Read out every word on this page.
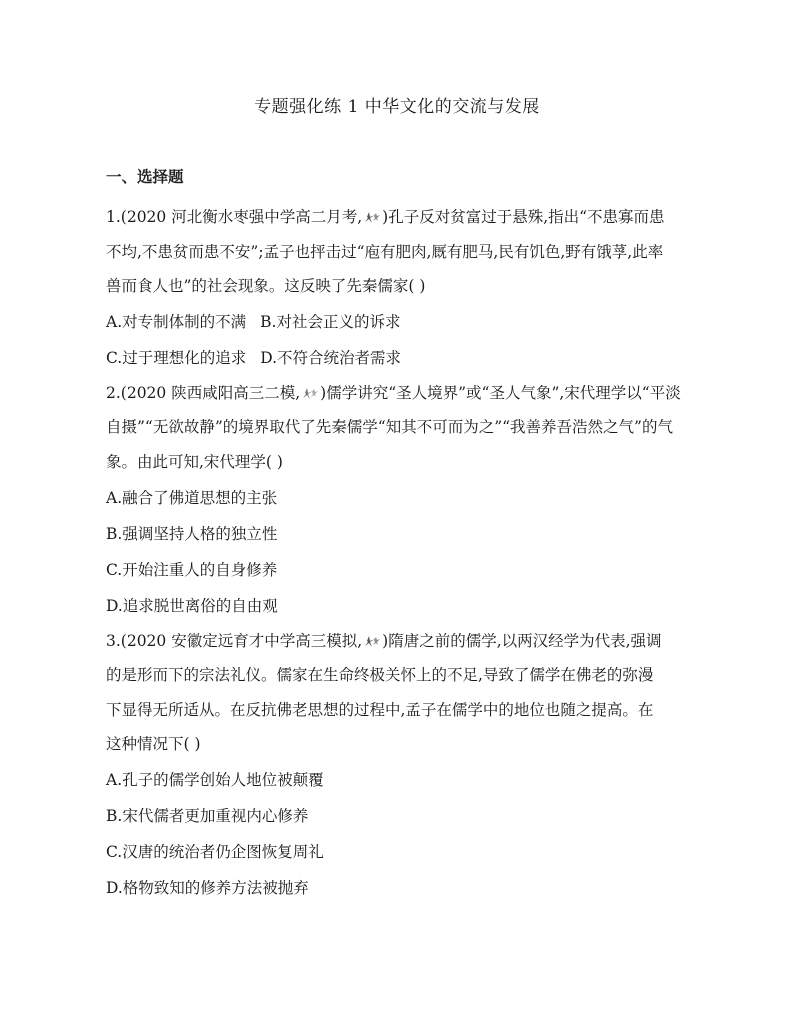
专题强化练 1 中华文化的交流与发展
一、选择题
1.(2020 河北衡水枣强中学高二月考, )孔子反对贫富过于悬殊,指出“不患寡而患
不均,不患贫而患不安”;孟子也抨击过“庖有肥肉,厩有肥马,民有饥色,野有饿莩,此率
兽而食人也”的社会现象。这反映了先秦儒家( )
A.对专制体制的不满 B.对社会正义的诉求
C.过于理想化的追求 D.不符合统治者需求
2.(2020 陕西咸阳高三二模, )儒学讲究“圣人境界”或“圣人气象”,宋代理学以“平淡
自摄”“无欲故静”的境界取代了先秦儒学“知其不可而为之”“我善养吾浩然之气”的气
象。由此可知,宋代理学( )
A.融合了佛道思想的主张
B.强调坚持人格的独立性
C.开始注重人的自身修养
D.追求脱世离俗的自由观
3.(2020 安徽定远育才中学高三模拟, )隋唐之前的儒学,以两汉经学为代表,强调
的是形而下的宗法礼仪。儒家在生命终极关怀上的不足,导致了儒学在佛老的弥漫
下显得无所适从。在反抗佛老思想的过程中,孟子在儒学中的地位也随之提高。在
这种情况下( )
A.孔子的儒学创始人地位被颠覆
B.宋代儒者更加重视内心修养
C.汉唐的统治者仍企图恢复周礼
D.格物致知的修养方法被抛弃
